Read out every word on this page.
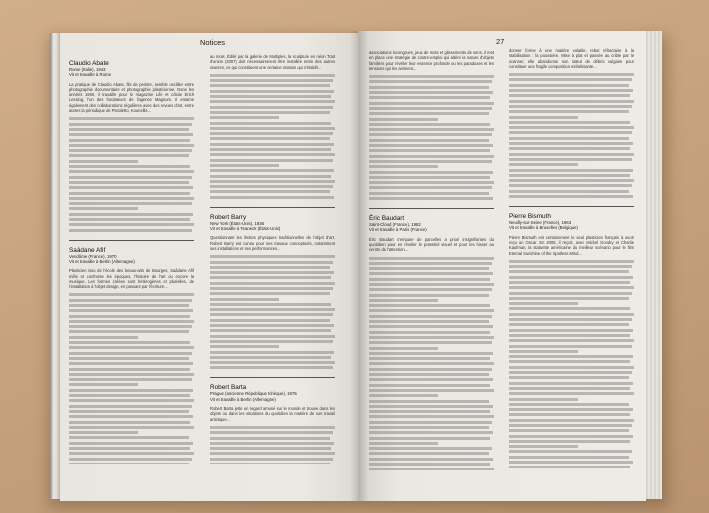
Notices	27
Claudio Abate
Rome (Italie), 1943
Vit et travaille à Rome

La pratique de Claudio Abate, fils de peintre, semble oscillier entre photographie documentaire et photographie plasticienne. Dans les années 1960, il travaille pour le magazine Life et côtoie Erich Lessing, l'un des fondateurs de l'agence Magnum. Il entame également des collaborations régulières avec des revues d'art, entre autres la périodique de Pistoletto, Kounellis...

Saâdane Afif
Vendôme (France), 1970
Vit et travaille à Berlin (Allemagne)

Plasticien issu de l'école des beaux-arts de Bourges, Saâdane Afif mêle et confronte les époques, l'histoire de l'art ou encore la musique. Les formes créées sont hétérogènes et plurielles, de l'installation à l'objet design, en passant par l'écriture...

au mois. Édité par la galerie de Multiples, la sculpture en néon Trait d'union (2007) doit nécessairement être installée entre des autres œuvres, ce qui constituent une certaine relation qui s'établit...

Robert Barry
New York (États-Unis), 1936
Vit et travaille à Teaneck (États-Unis)

Questionnant les limites physiques traditionnelles de l'objet d'art, Robert Barry est connu pour ses travaux conceptuels, notamment ses installations et ses performances...

Robert Barta
Prague (ancienne République tchèque), 1975
Vit et travaille à Berlin (Allemagne)

Robert Barta jette un regard amusé sur le monde et trouve dans les objets ou dans les situations du quotidien la matière de son travail artistique...

associations incongrues, jeux de mots et glissements de sens, il met en place une stratégie de contre-emploi qui altère la nature d'objets familiers pour révéler leur essence profonde ou les paradoxes et les tensions qui les animent...

Éric Baudart
Saint-Cloud (France), 1982
Vit et travaille à Paris (France)

Éric Baudart s'empare de parcelles a priori insignifiantes du quotidien pour en révéler le potentiel visuel et pour les hisser au centre de l'attention...

donner forme à une matière volatile, rebut réfractaire à la stabilisation : la poussière. Mise à plat et passée au crible par le scanner, elle abandonne son statut de débris vulgaire pour constituer une fragile composition esthétisante...

Pierre Bismuth
Neuilly-sur-Seine (France), 1963
Vit et travaille à Bruxelles (Belgique)

Pierre Bismuth est certainement le seul plasticien français à avoir reçu un Oscar. En 2005, il reçoit, avec Michel Gondry et Charlie Kaufman, la statuette américaine du meilleur scénario pour le film Eternal Sunshine of the Spotless Mind...
